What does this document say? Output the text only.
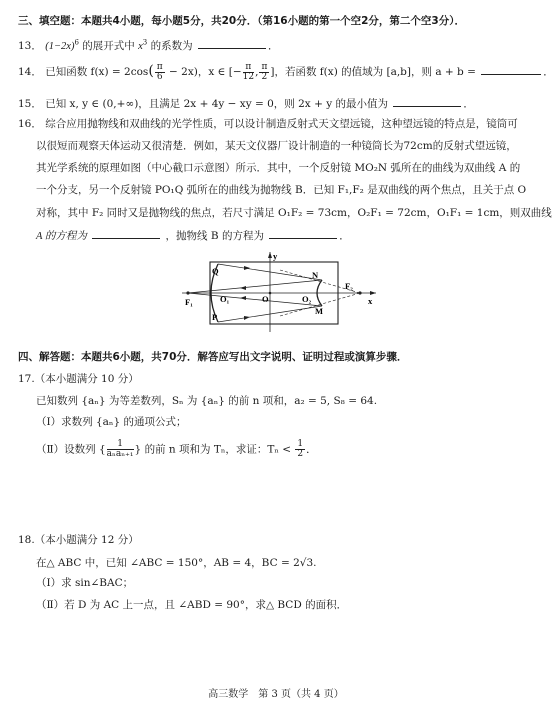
三、填空题：本题共4小题，每小题5分，共20分．（第16小题的第一个空2分，第二个空3分）．
13． $(1-2x)^6$ 的展开式中 $x^3$ 的系数为	．
14． 已知函数 $f(x) = 2\cos( \frac{\pi}{6} - 2x)$，x ∈ [− $\frac{\pi}{12}$ , $\frac{\pi}{2}$ ]，若函数 f(x) 的值域为 [a,b]，则 a + b =	．
15． 已知 x, y ∈ (0,+∞)，且满足 2x + 4y − xy = 0，则 2x + y 的最小值为	．
16． 综合应用抛物线和双曲线的光学性质，可以设计制造反射式天文望远镜，这种望远镜的特点是，镜筒可
以很短而观察天体运动又很清楚．例如，某天文仪器厂设计制造的一种镜筒长为72cm的反射式望远镜，
其光学系统的原理如图（中心截口示意图）所示．其中，一个反射镜 MO₂N 弧所在的曲线为双曲线 A 的
一个分支，另一个反射镜 PO₁Q 弧所在的曲线为抛物线 B．已知 F₁,F₂ 是双曲线的两个焦点，且关于点 O
对称，其中 F₂ 同时又是抛物线的焦点，若尺寸满足 O₁F₂ = 73cm，O₂F₁ = 72cm，O₁F₁ = 1cm，则双曲线
A 的方程为	，抛物线 B 的方程为	．
Q
P
F₁	O₁	O	O₂
N
M
F₂
y
x
四、解答题：本题共6小题，共70分．解答应写出文字说明、证明过程或演算步骤．
17.（本小题满分 10 分）
已知数列 {aₙ} 为等差数列，Sₙ 为 {aₙ} 的前 n 项和，a₂ = 5, S₈ = 64.
（Ⅰ）求数列 {aₙ} 的通项公式；
（Ⅱ）设数列 { $\frac{1}{\text{aₙaₙ₊₁}}$ } 的前 n 项和为 Tₙ，求证：$T_n < \frac{1}{2}$ ．
18.（本小题满分 12 分）
在△ ABC 中，已知 ∠ABC = 150°，AB = 4，BC = 2√3.
（Ⅰ）求 sin∠BAC；
（Ⅱ）若 D 为 AC 上一点，且 ∠ABD = 90°，求△ BCD 的面积．
高三数学　第 3 页（共 4 页）
